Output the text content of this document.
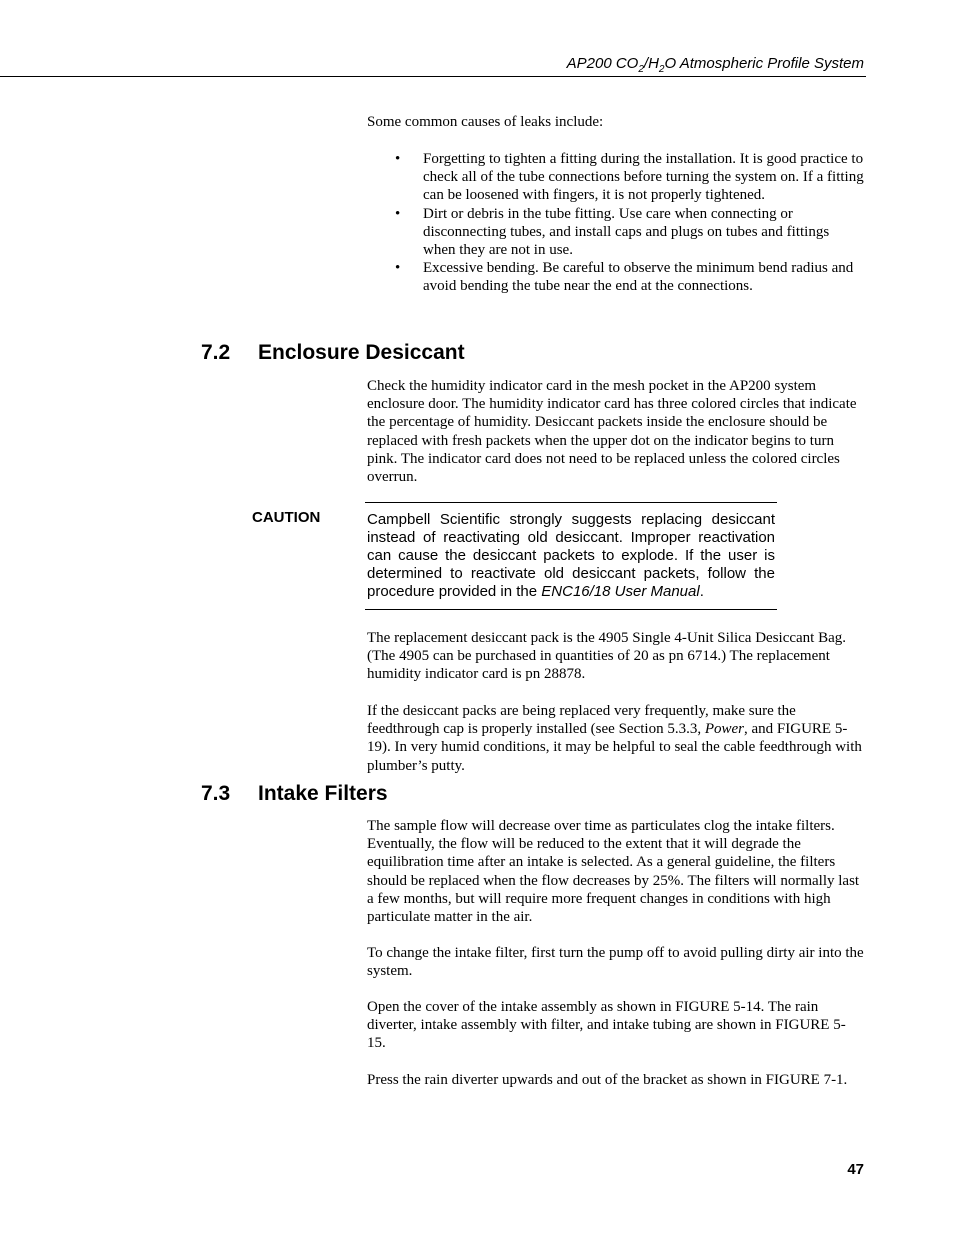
AP200 $CO_2/H_2O$ Atmospheric Profile System

Some common causes of leaks include:

• Forgetting to tighten a fitting during the installation. It is good practice to check all of the tube connections before turning the system on. If a fitting can be loosened with fingers, it is not properly tightened.
• Dirt or debris in the tube fitting. Use care when connecting or disconnecting tubes, and install caps and plugs on tubes and fittings when they are not in use.
• Excessive bending. Be careful to observe the minimum bend radius and avoid bending the tube near the end at the connections.
7.2 Enclosure Desiccant

Check the humidity indicator card in the mesh pocket in the AP200 system enclosure door. The humidity indicator card has three colored circles that indicate the percentage of humidity. Desiccant packets inside the enclosure should be replaced with fresh packets when the upper dot on the indicator begins to turn pink. The indicator card does not need to be replaced unless the colored circles overrun.

CAUTION	Campbell Scientific strongly suggests replacing desiccant instead of reactivating old desiccant. Improper reactivation can cause the desiccant packets to explode. If the user is determined to reactivate old desiccant packets, follow the procedure provided in the ENC16/18 User Manual.

The replacement desiccant pack is the 4905 Single 4-Unit Silica Desiccant Bag. (The 4905 can be purchased in quantities of 20 as pn 6714.) The replacement humidity indicator card is pn 28878.

If the desiccant packs are being replaced very frequently, make sure the feedthrough cap is properly installed (see Section 5.3.3, Power, and FIGURE 5-19). In very humid conditions, it may be helpful to seal the cable feedthrough with plumber’s putty.

7.3 Intake Filters

The sample flow will decrease over time as particulates clog the intake filters. Eventually, the flow will be reduced to the extent that it will degrade the equilibration time after an intake is selected. As a general guideline, the filters should be replaced when the flow decreases by 25%. The filters will normally last a few months, but will require more frequent changes in conditions with high particulate matter in the air.

To change the intake filter, first turn the pump off to avoid pulling dirty air into the system.

Open the cover of the intake assembly as shown in FIGURE 5-14. The rain diverter, intake assembly with filter, and intake tubing are shown in FIGURE 5-15.

Press the rain diverter upwards and out of the bracket as shown in FIGURE 7-1.

47
